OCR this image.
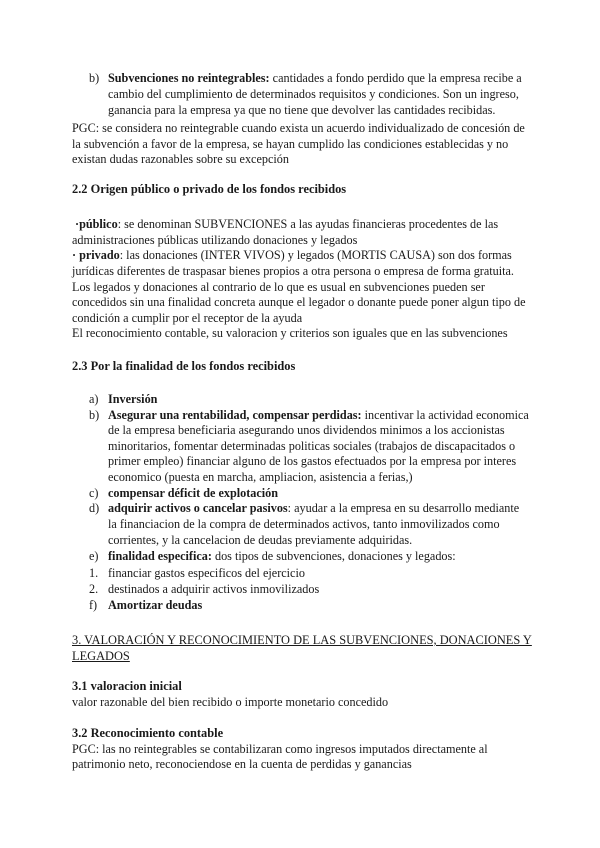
b) Subvenciones no reintegrables: cantidades a fondo perdido que la empresa recibe a
cambio del cumplimiento de determinados requisitos y condiciones. Son un ingreso,
ganancia para la empresa ya que no tiene que devolver las cantidades recibidas.
PGC: se considera no reintegrable cuando exista un acuerdo individualizado de concesión de
la subvención a favor de la empresa, se hayan cumplido las condiciones establecidas y no
existan dudas razonables sobre su excepción
2.2 Origen público o privado de los fondos recibidos
·público: se denominan SUBVENCIONES a las ayudas financieras procedentes de las
administraciones públicas utilizando donaciones y legados
· privado: las donaciones (INTER VIVOS) y legados (MORTIS CAUSA) son dos formas
jurídicas diferentes de traspasar bienes propios a otra persona o empresa de forma gratuita.
Los legados y donaciones al contrario de lo que es usual en subvenciones pueden ser
concedidos sin una finalidad concreta aunque el legador o donante puede poner algun tipo de
condición a cumplir por el receptor de la ayuda
El reconocimiento contable, su valoracion y criterios son iguales que en las subvenciones
2.3 Por la finalidad de los fondos recibidos
a) Inversión
b) Asegurar una rentabilidad, compensar perdidas: incentivar la actividad economica
de la empresa beneficiaria asegurando unos dividendos minimos a los accionistas
minoritarios, fomentar determinadas politicas sociales (trabajos de discapacitados o
primer empleo) financiar alguno de los gastos efectuados por la empresa por interes
economico (puesta en marcha, ampliacion, asistencia a ferias,)
c) compensar déficit de explotación
d) adquirir activos o cancelar pasivos: ayudar a la empresa en su desarrollo mediante
la financiacion de la compra de determinados activos, tanto inmovilizados como
corrientes, y la cancelacion de deudas previamente adquiridas.
e) finalidad especifica: dos tipos de subvenciones, donaciones y legados:
1. financiar gastos especificos del ejercicio
2. destinados a adquirir activos inmovilizados
f) Amortizar deudas
3. VALORACIÓN Y RECONOCIMIENTO DE LAS SUBVENCIONES, DONACIONES Y
LEGADOS
3.1 valoracion inicial
valor razonable del bien recibido o importe monetario concedido
3.2 Reconocimiento contable
PGC: las no reintegrables se contabilizaran como ingresos imputados directamente al
patrimonio neto, reconociendose en la cuenta de perdidas y ganancias
